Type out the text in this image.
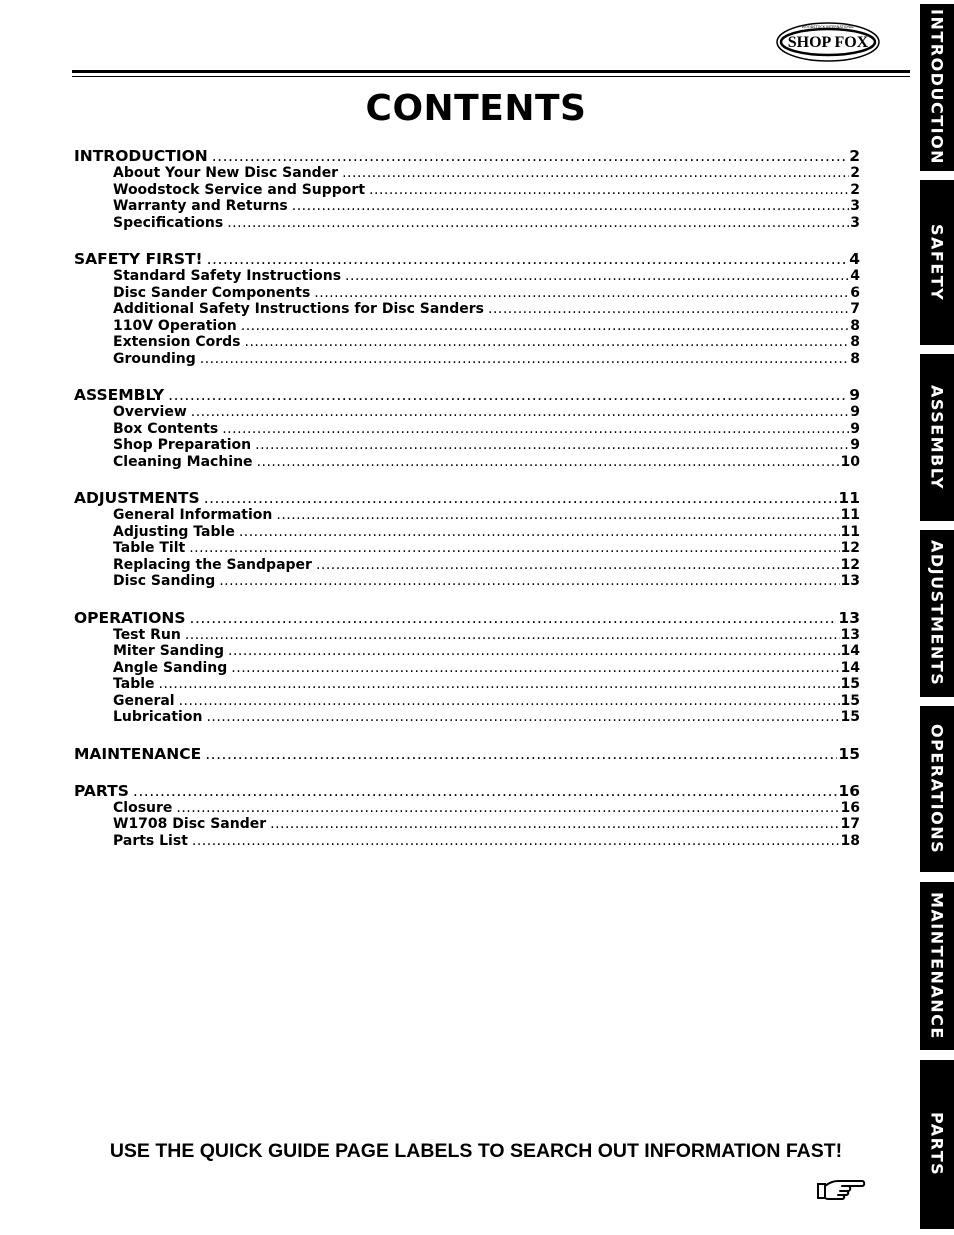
SHOP FOX
WOODSTOCK INTERNATIONAL
CONTENTS
INTRODUCTION .....	2
About Your New Disc Sander .....	2
Woodstock Service and Support .....	2
Warranty and Returns .....	3
Specifications .....	3
SAFETY FIRST! .....	4
Standard Safety Instructions .....	4
Disc Sander Components .....	6
Additional Safety Instructions for Disc Sanders .....	7
110V Operation .....	8
Extension Cords .....	8
Grounding .....	8
ASSEMBLY .....	9
Overview .....	9
Box Contents .....	9
Shop Preparation .....	9
Cleaning Machine .....	10
ADJUSTMENTS .....	11
General Information .....	11
Adjusting Table .....	11
Table Tilt .....	12
Replacing the Sandpaper .....	12
Disc Sanding .....	13
OPERATIONS .....	13
Test Run .....	13
Miter Sanding .....	14
Angle Sanding .....	14
Table .....	15
General .....	15
Lubrication .....	15
MAINTENANCE .....	15
PARTS .....	16
Closure .....	16
W1708 Disc Sander .....	17
Parts List .....	18
USE THE QUICK GUIDE PAGE LABELS TO SEARCH OUT INFORMATION FAST!
INTRODUCTION
SAFETY
ASSEMBLY
ADJUSTMENTS
OPERATIONS
MAINTENANCE
PARTS
